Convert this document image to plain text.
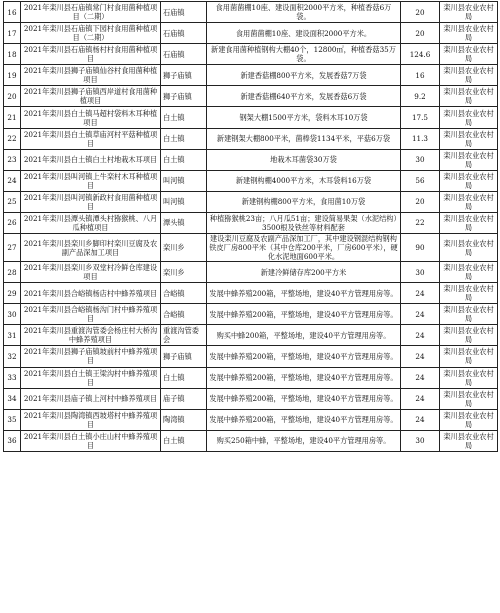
16	2021年栾川县石庙镇常门村食用菌种植项目（二期）	石庙镇	食用菌菌棚10座、建设面积2000平方米，种植香菇6万袋。	20	栾川县农业农村局
17	2021年栾川县石庙镇下园村食用菌种植项目（二期）	石庙镇	食用菌菌棚10座、建设面积2000平方米。	20	栾川县农业农村局
18	2021年栾川县石庙镇杨村村食用菌种植项目	石庙镇	新建食用菌种植钢构大棚40个，12800㎡，种植香菇35万袋。	124.6	栾川县农业农村局
19	2021年栾川县狮子庙镇仙谷村食用菌种植项目	狮子庙镇	新建香菇棚800平方米，发展香菇7万袋	16	栾川县农业农村局
20	2021年栾川县狮子庙镇西岸道村食用菌种植项目	狮子庙镇	新建香菇棚640平方米，发展香菇6万袋	9.2	栾川县农业农村局
21	2021年栾川县白土镇马超村袋料木耳种植项目	白土镇	钢架大棚1500平方米，袋料木耳10万袋	17.5	栾川县农业农村局
22	2021年栾川县白土镇草庙河村平菇种植项目	白土镇	新建钢架大棚800平米，菌棒袋1134平米，平菇6万袋	11.3	栾川县农业农村局
23	2021年栾川县白土镇白土村地栽木耳项目	白土镇	地栽木耳菌袋30万袋	30	栾川县农业农村局
24	2021年栾川县叫河镇上牛栾村木耳种植项目	叫河镇	新建钢构棚4000平方米，木耳袋料16万袋	56	栾川县农业农村局
25	2021年栾川县叫河镇新政村食用菌种植项目	叫河镇	新建钢构棚800平方米，食用菌10万袋	20	栾川县农业农村局
26	2021年栾川县潭头镇潭头村猕猴桃、八月瓜种植项目	潭头镇	种植猕猴桃23亩；八月瓜51亩；建设简易果架（水泥结构）3500根及铁丝等材料配套	22	栾川县农业农村局
27	2021年栾川县栾川乡脚印村栾川豆腐及农副产品深加工项目	栾川乡	建设栾川豆腐及农副产品深加工厂，其中建设钢混结构钢构铁皮厂房800平米（其中仓库200平米，厂房600平米），硬化水泥地面600平米。	90	栾川县农业农村局
28	2021年栾川县栾川乡双堂村冷鲜仓库建设项目	栾川乡	新建冷鲜储存库200平方米	30	栾川县农业农村局
29	2021年栾川县合峪镇杨店村中蜂养殖项目	合峪镇	发展中蜂养殖200箱，平整场地，建设40平方管理用房等。	24	栾川县农业农村局
30	2021年栾川县合峪镇杨沟门村中蜂养殖项目	合峪镇	发展中蜂养殖200箱，平整场地，建设40平方管理用房等。	24	栾川县农业农村局
31	2021年栾川县重渡沟管委会杨庄村大桥沟中蜂养殖项目	重渡沟管委会	购买中蜂200箱，平整场地，建设40平方管理用房等。	24	栾川县农业农村局
32	2021年栾川县狮子庙镇坡前村中蜂养殖项目	狮子庙镇	发展中蜂养殖200箱，平整场地，建设40平方管理用房等。	24	栾川县农业农村局
33	2021年栾川县白土镇王梁沟村中蜂养殖项目	白土镇	发展中蜂养殖200箱，平整场地，建设40平方管理用房等。	24	栾川县农业农村局
34	2021年栾川县庙子镇上河村中蜂养殖项目	庙子镇	发展中蜂养殖200箱，平整场地，建设40平方管理用房等。	24	栾川县农业农村局
35	2021年栾川县陶湾镇西坡塔村中蜂养殖项目	陶湾镇	发展中蜂养殖200箱，平整场地，建设40平方管理用房等。	24	栾川县农业农村局
36	2021年栾川县白土镇小庄山村中蜂养殖项目	白土镇	购买250箱中蜂，平整场地，建设40平方管理用房等。	30	栾川县农业农村局
